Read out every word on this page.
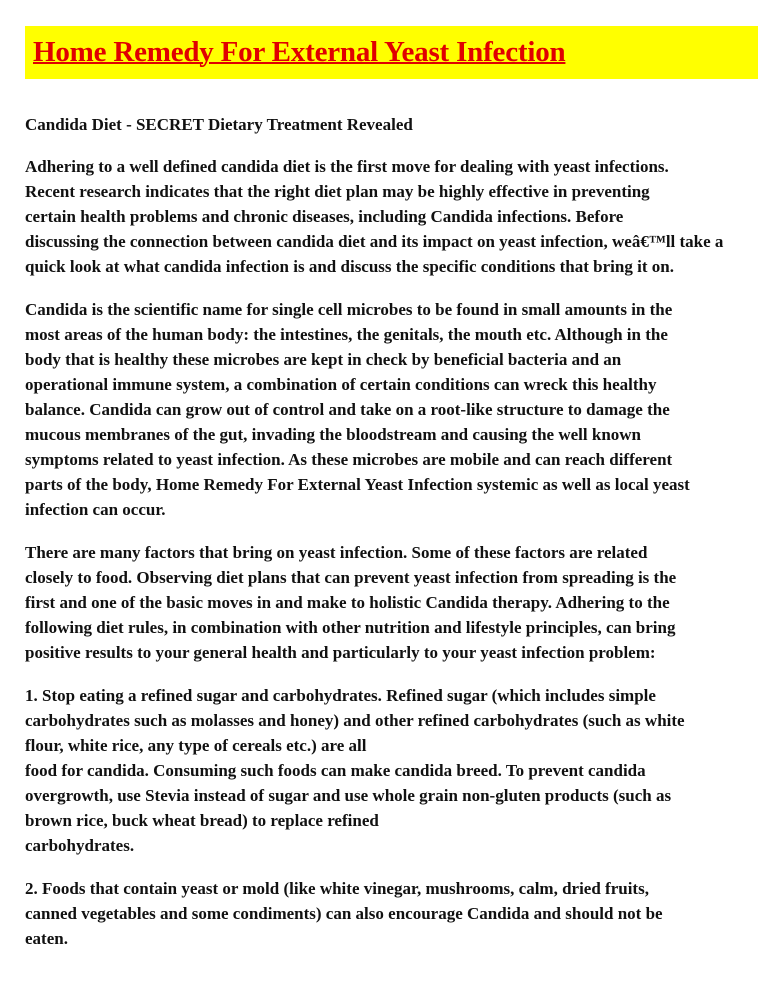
Home Remedy For External Yeast Infection

Candida Diet - SECRET Dietary Treatment Revealed

Adhering to a well defined candida diet is the first move for dealing with yeast infections.
Recent research indicates that the right diet plan may be highly effective in preventing
certain health problems and chronic diseases, including Candida infections. Before
discussing the connection between candida diet and its impact on yeast infection, weâ€™ll take a
quick look at what candida infection is and discuss the specific conditions that bring it on.

Candida is the scientific name for single cell microbes to be found in small amounts in the
most areas of the human body: the intestines, the genitals, the mouth etc. Although in the
body that is healthy these microbes are kept in check by beneficial bacteria and an
operational immune system, a combination of certain conditions can wreck this healthy
balance. Candida can grow out of control and take on a root-like structure to damage the
mucous membranes of the gut, invading the bloodstream and causing the well known
symptoms related to yeast infection. As these microbes are mobile and can reach different
parts of the body, Home Remedy For External Yeast Infection systemic as well as local yeast
infection can occur.

There are many factors that bring on yeast infection. Some of these factors are related
closely to food. Observing diet plans that can prevent yeast infection from spreading is the
first and one of the basic moves in and make to holistic Candida therapy. Adhering to the
following diet rules, in combination with other nutrition and lifestyle principles, can bring
positive results to your general health and particularly to your yeast infection problem:

1. Stop eating a refined sugar and carbohydrates. Refined sugar (which includes simple
carbohydrates such as molasses and honey) and other refined carbohydrates (such as white
flour, white rice, any type of cereals etc.) are all
food for candida. Consuming such foods can make candida breed. To prevent candida
overgrowth, use Stevia instead of sugar and use whole grain non-gluten products (such as
brown rice, buck wheat bread) to replace refined
carbohydrates.

2. Foods that contain yeast or mold (like white vinegar, mushrooms, calm, dried fruits,
canned vegetables and some condiments) can also encourage Candida and should not be
eaten.
